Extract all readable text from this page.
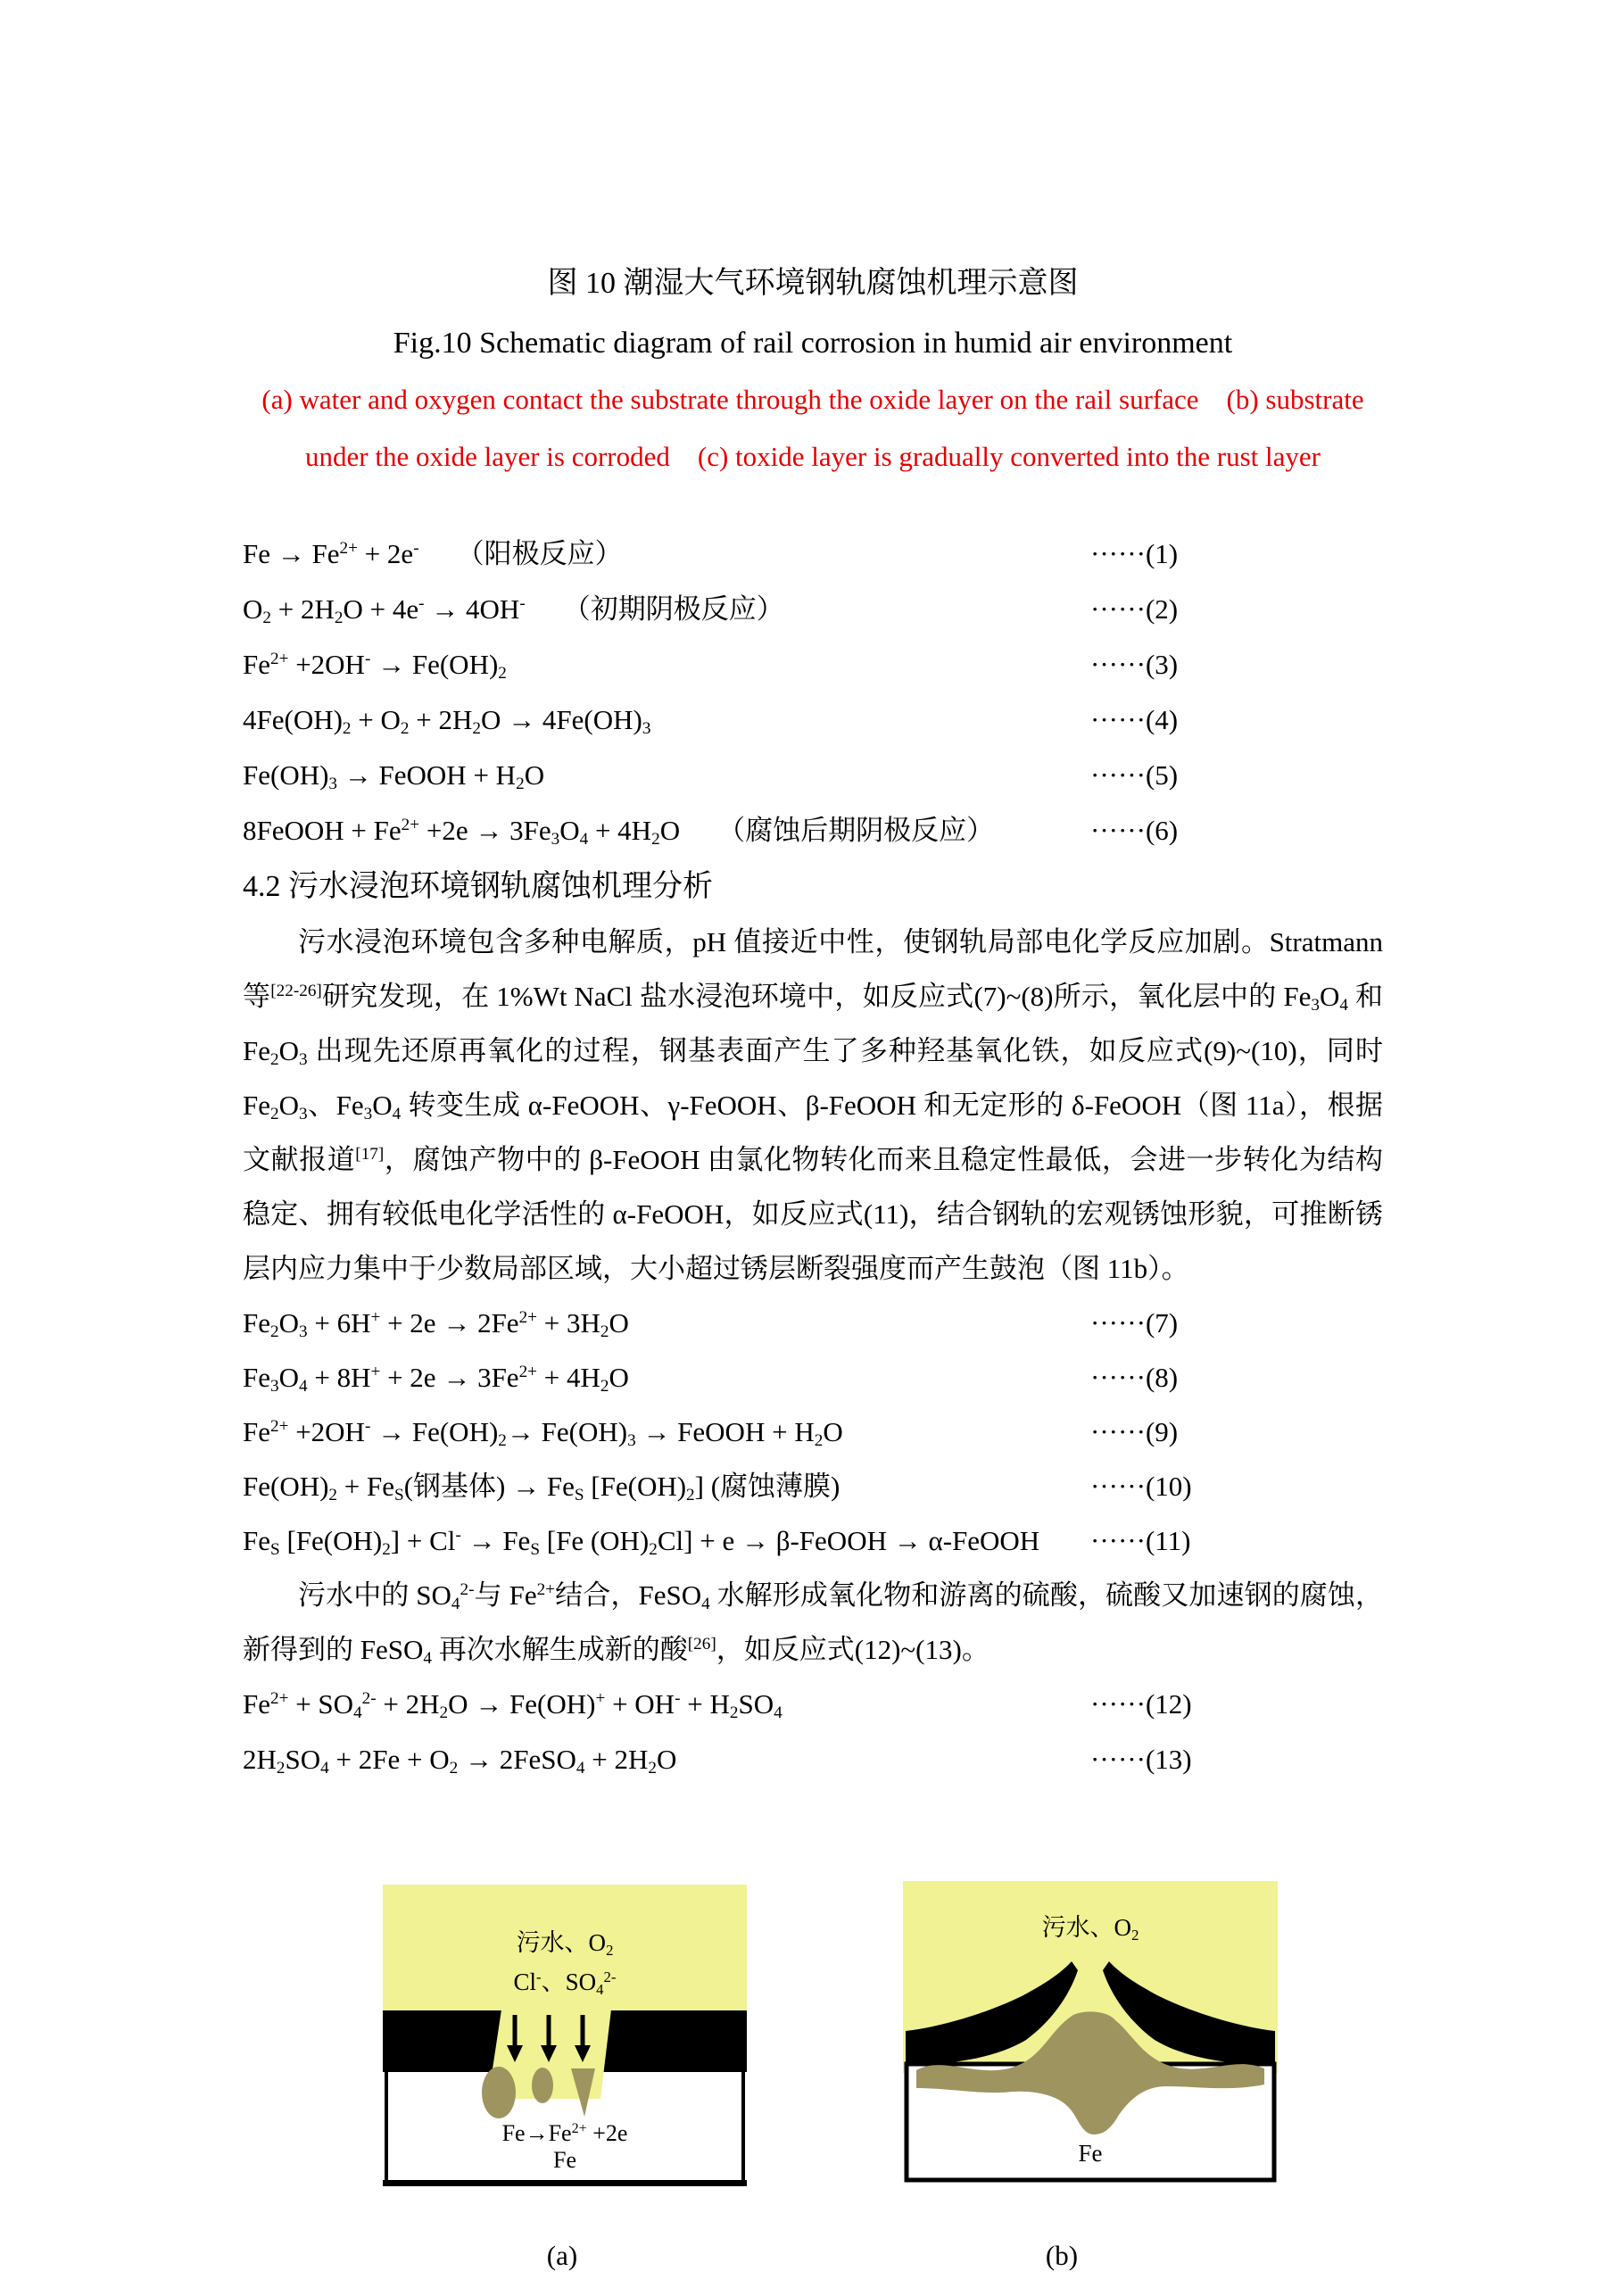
图 10 潮湿大气环境钢轨腐蚀机理示意图
Fig.10 Schematic diagram of rail corrosion in humid air environment
(a) water and oxygen contact the substrate through the oxide layer on the rail surface　(b) substrate under the oxide layer is corroded　(c) toxide layer is gradually converted into the rust layer
$Fe \to Fe^{2+} + 2e^-$ （阳极反应）	······(1)
$O_2 + 2H_2O + 4e^- \to 4OH^-$ （初期阴极反应）	······(2)
$Fe^{2+} +2OH^- \to Fe(OH)_2$	······(3)
$4Fe(OH)_2 + O_2 + 2H_2O \to 4Fe(OH)_3$	······(4)
$Fe(OH)_3$ → FeOOH + $H_2O$	······(5)
8FeOOH + $Fe^{2+} +2e \to 3Fe_3O_4 + 4H_2O$ （腐蚀后期阴极反应）	······(6)
4.2 污水浸泡环境钢轨腐蚀机理分析

污水浸泡环境包含多种电解质，pH 值接近中性，使钢轨局部电化学反应加剧。Stratmann 等[22-26]研究发现，在 1%Wt NaCl 盐水浸泡环境中，如反应式(7)~(8)所示，氧化层中的 $Fe_3O_4$ 和 $Fe_2O_3$ 出现先还原再氧化的过程，钢基表面产生了多种羟基氧化铁，如反应式(9)~(10)，同时 $Fe_2O_3$、$Fe_3O_4$ 转变生成 α-FeOOH、γ-FeOOH、β-FeOOH 和无定形的 δ-FeOOH（图 11a），根据文献报道[17]，腐蚀产物中的 β-FeOOH 由氯化物转化而来且稳定性最低，会进一步转化为结构稳定、拥有较低电化学活性的 α-FeOOH，如反应式(11)，结合钢轨的宏观锈蚀形貌，可推断锈层内应力集中于少数局部区域，大小超过锈层断裂强度而产生鼓泡（图 11b）。

$Fe_2O_3 + 6H^+ + 2e \to 2Fe^{2+} + 3H_2O$	······(7)
$Fe_3O_4 + 8H^+ + 2e \to 3Fe^{2+} + 4H_2O$	······(8)
$Fe^{2+} +2OH^- \to Fe(OH)_2\to Fe(OH)_3$ → FeOOH + $H_2O$	······(9)
$Fe(OH)_2 + Fe_S$(钢基体) → $Fe_S$ $[Fe(OH)_2]$ (腐蚀薄膜)	······(10)
$Fe_S$ $[Fe(OH)_2] + Cl^- \to Fe_S$ [Fe $(OH)_2Cl] + e$ → β-FeOOH → α-FeOOH ······(11)

污水中的 $SO_4^{2-}$与 $Fe^{2+}$结合，FeSO$_4$ 水解形成氧化物和游离的硫酸，硫酸又加速钢的腐蚀，新得到的 FeSO$_4$ 再次水解生成新的酸[26]，如反应式(12)~(13)。

$Fe^{2+} + SO_4^{2-} + 2H_2O \to Fe(OH)^+ + OH^- + H_2SO_4$	······(12)
$2H_2SO_4 + 2Fe + O_2$ → 2FeSO$_4$ + $2H_2O$	······(13)
污水、$O_2$
Cl-、$SO_4^{2-}$
$Fe\to Fe^{2+} +2e$
Fe
污水、$O_2$
Fe
(a)	(b)
